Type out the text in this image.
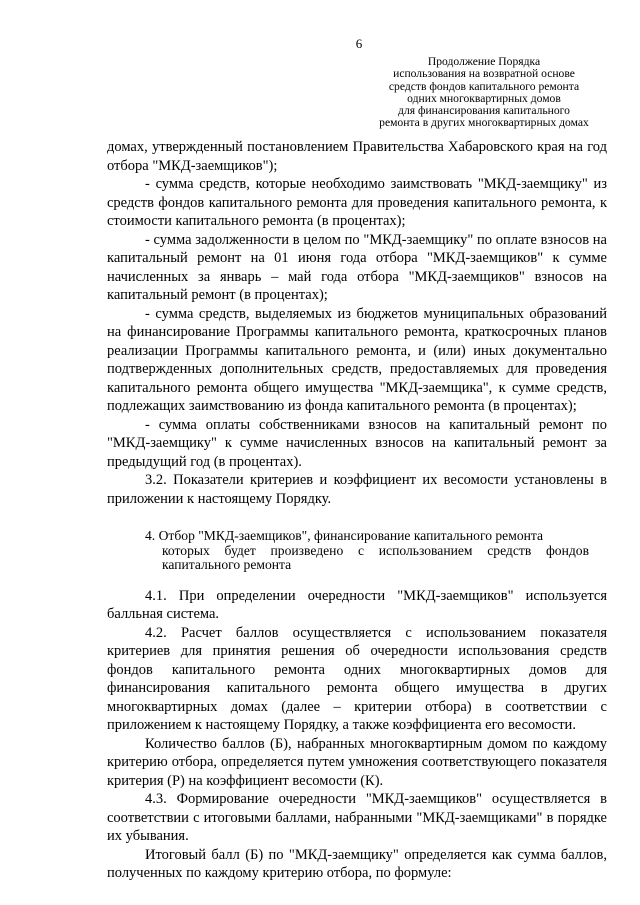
6
Продолжение Порядка
использования на возвратной основе
средств фондов капитального ремонта
одних многоквартирных домов
для финансирования капитального
ремонта в других многоквартирных домах

домах, утвержденный постановлением Правительства Хабаровского края на год отбора "МКД-заемщиков");

- сумма средств, которые необходимо заимствовать "МКД-заемщику" из средств фондов капитального ремонта для проведения капитального ремонта, к стоимости капитального ремонта (в процентах);

- сумма задолженности в целом по "МКД-заемщику" по оплате взносов на капитальный ремонт на 01 июня года отбора "МКД-заемщиков" к сумме начисленных за январь – май года отбора "МКД-заемщиков" взносов на капитальный ремонт (в процентах);

- сумма средств, выделяемых из бюджетов муниципальных образований на финансирование Программы капитального ремонта, краткосрочных планов реализации Программы капитального ремонта, и (или) иных документально подтвержденных дополнительных средств, предоставляемых для проведения капитального ремонта общего имущества "МКД-заемщика", к сумме средств, подлежащих заимствованию из фонда капитального ремонта (в процентах);

- сумма оплаты собственниками взносов на капитальный ремонт по "МКД-заемщику" к сумме начисленных взносов на капитальный ремонт за предыдущий год (в процентах).

3.2. Показатели критериев и коэффициент их весомости установлены в приложении к настоящему Порядку.

4. Отбор "МКД-заемщиков", финансирование капитального ремонта
которых будет произведено с использованием средств фондов капитального ремонта

4.1. При определении очередности "МКД-заемщиков" используется балльная система.

4.2. Расчет баллов осуществляется с использованием показателя критериев для принятия решения об очередности использования средств фондов капитального ремонта одних многоквартирных домов для финансирования капитального ремонта общего имущества в других многоквартирных домах (далее – критерии отбора) в соответствии с приложением к настоящему Порядку, а также коэффициента его весомости.

Количество баллов (Б), набранных многоквартирным домом по каждому критерию отбора, определяется путем умножения соответствующего показателя критерия (Р) на коэффициент весомости (К).

4.3. Формирование очередности "МКД-заемщиков" осуществляется в соответствии с итоговыми баллами, набранными "МКД-заемщиками" в порядке их убывания.

Итоговый балл (Б) по "МКД-заемщику" определяется как сумма баллов, полученных по каждому критерию отбора, по формуле:
